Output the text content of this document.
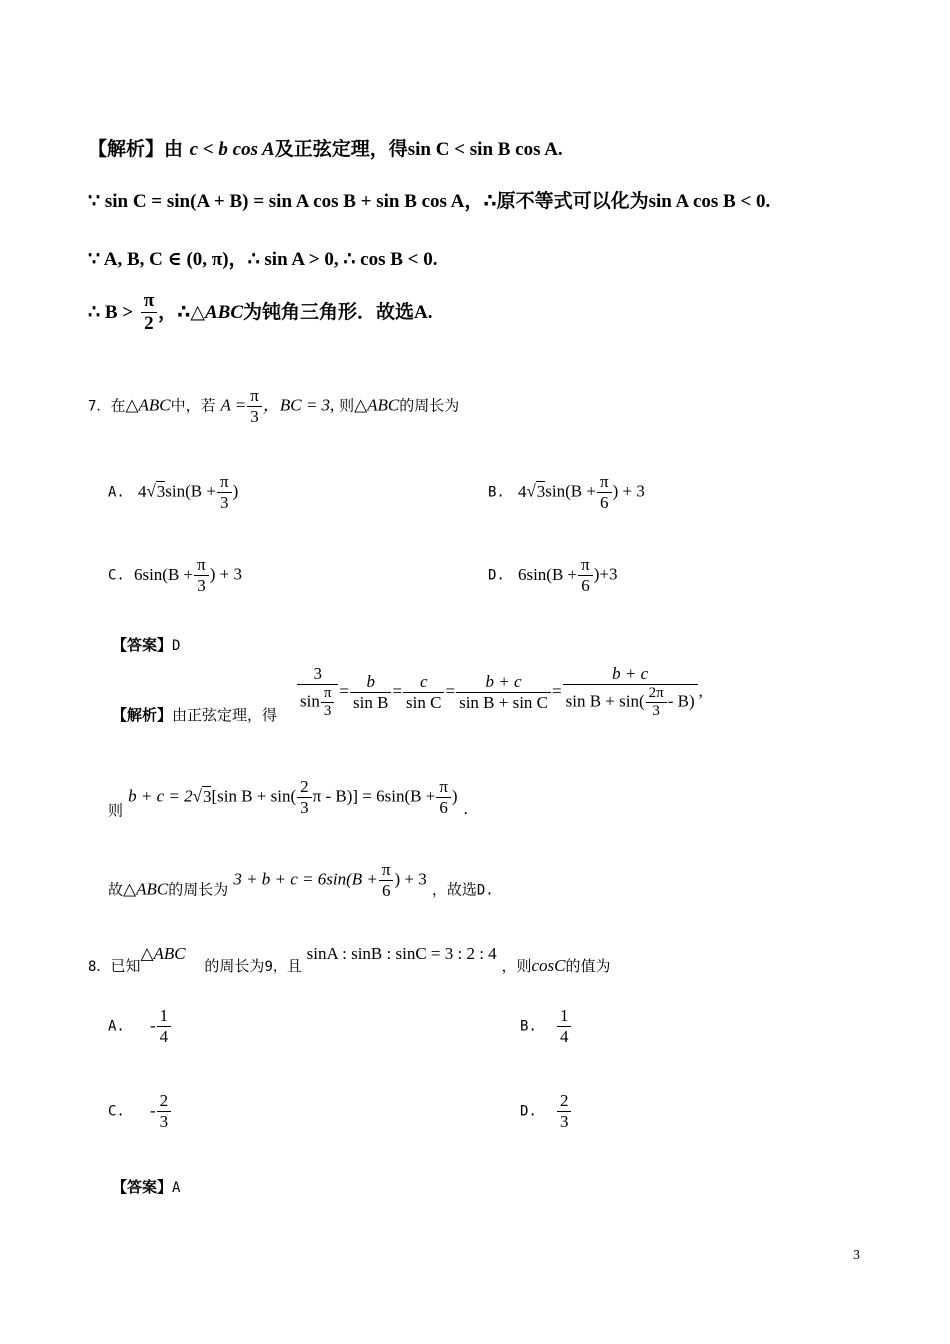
【解析】由 c < b cos A及正弦定理，得sin C < sin B cos A.
∵ sin C = sin(A + B) = sin A cos B + sin B cos A，∴原不等式可以化为sin A cos B < 0.
∵ A, B, C ∈ (0, π)，∴ sin A > 0, ∴ cos B < 0.
∴ $B > \frac{\pi}{2}$ ，∴△ABC为钝角三角形．故选A.
7．在△ABC中，若 $A = \frac{\pi}{3}$ ，BC = 3, 则△ABC的周长为
A. $4√3\sin(B + \frac{\pi}{3}$ )	B. $4√3\sin(B + \frac{\pi}{6}$ ) + 3
C. $6\sin(B + \frac{\pi}{3}$ ) + 3	D. $6\sin(B + \frac{\pi}{6} )+3$
【答案】D
$\frac{3}{\sin \frac{\pi}{3}} = \frac{b}{\text{sin B}} = \frac{c}{\text{sin C}} = \frac{b + c}{\text{sin B + sin C}} = \frac{b + c}{\sin B + \sin( \frac{2\pi}{3} - B)}$ ,
【解析】由正弦定理，得
则 b + c = 2√3[sin $B + \sin( \frac{2}{3}$ $\pi - B)] = 6\sin(B + \frac{\pi}{6}$ ).
故△ABC的周长为 $3 + b + c = 6\sin(B + \frac{\pi}{6}$ ) + 3 ，故选D.
8．已知△ABC 的周长为9，且 sinA : sinB : sinC = 3 : 2 : 4 ，则cosC的值为
A. - $\frac{1}{4}$	B. $\frac{1}{4}$
C. - $\frac{2}{3}$	D. $\frac{2}{3}$
【答案】A
3
